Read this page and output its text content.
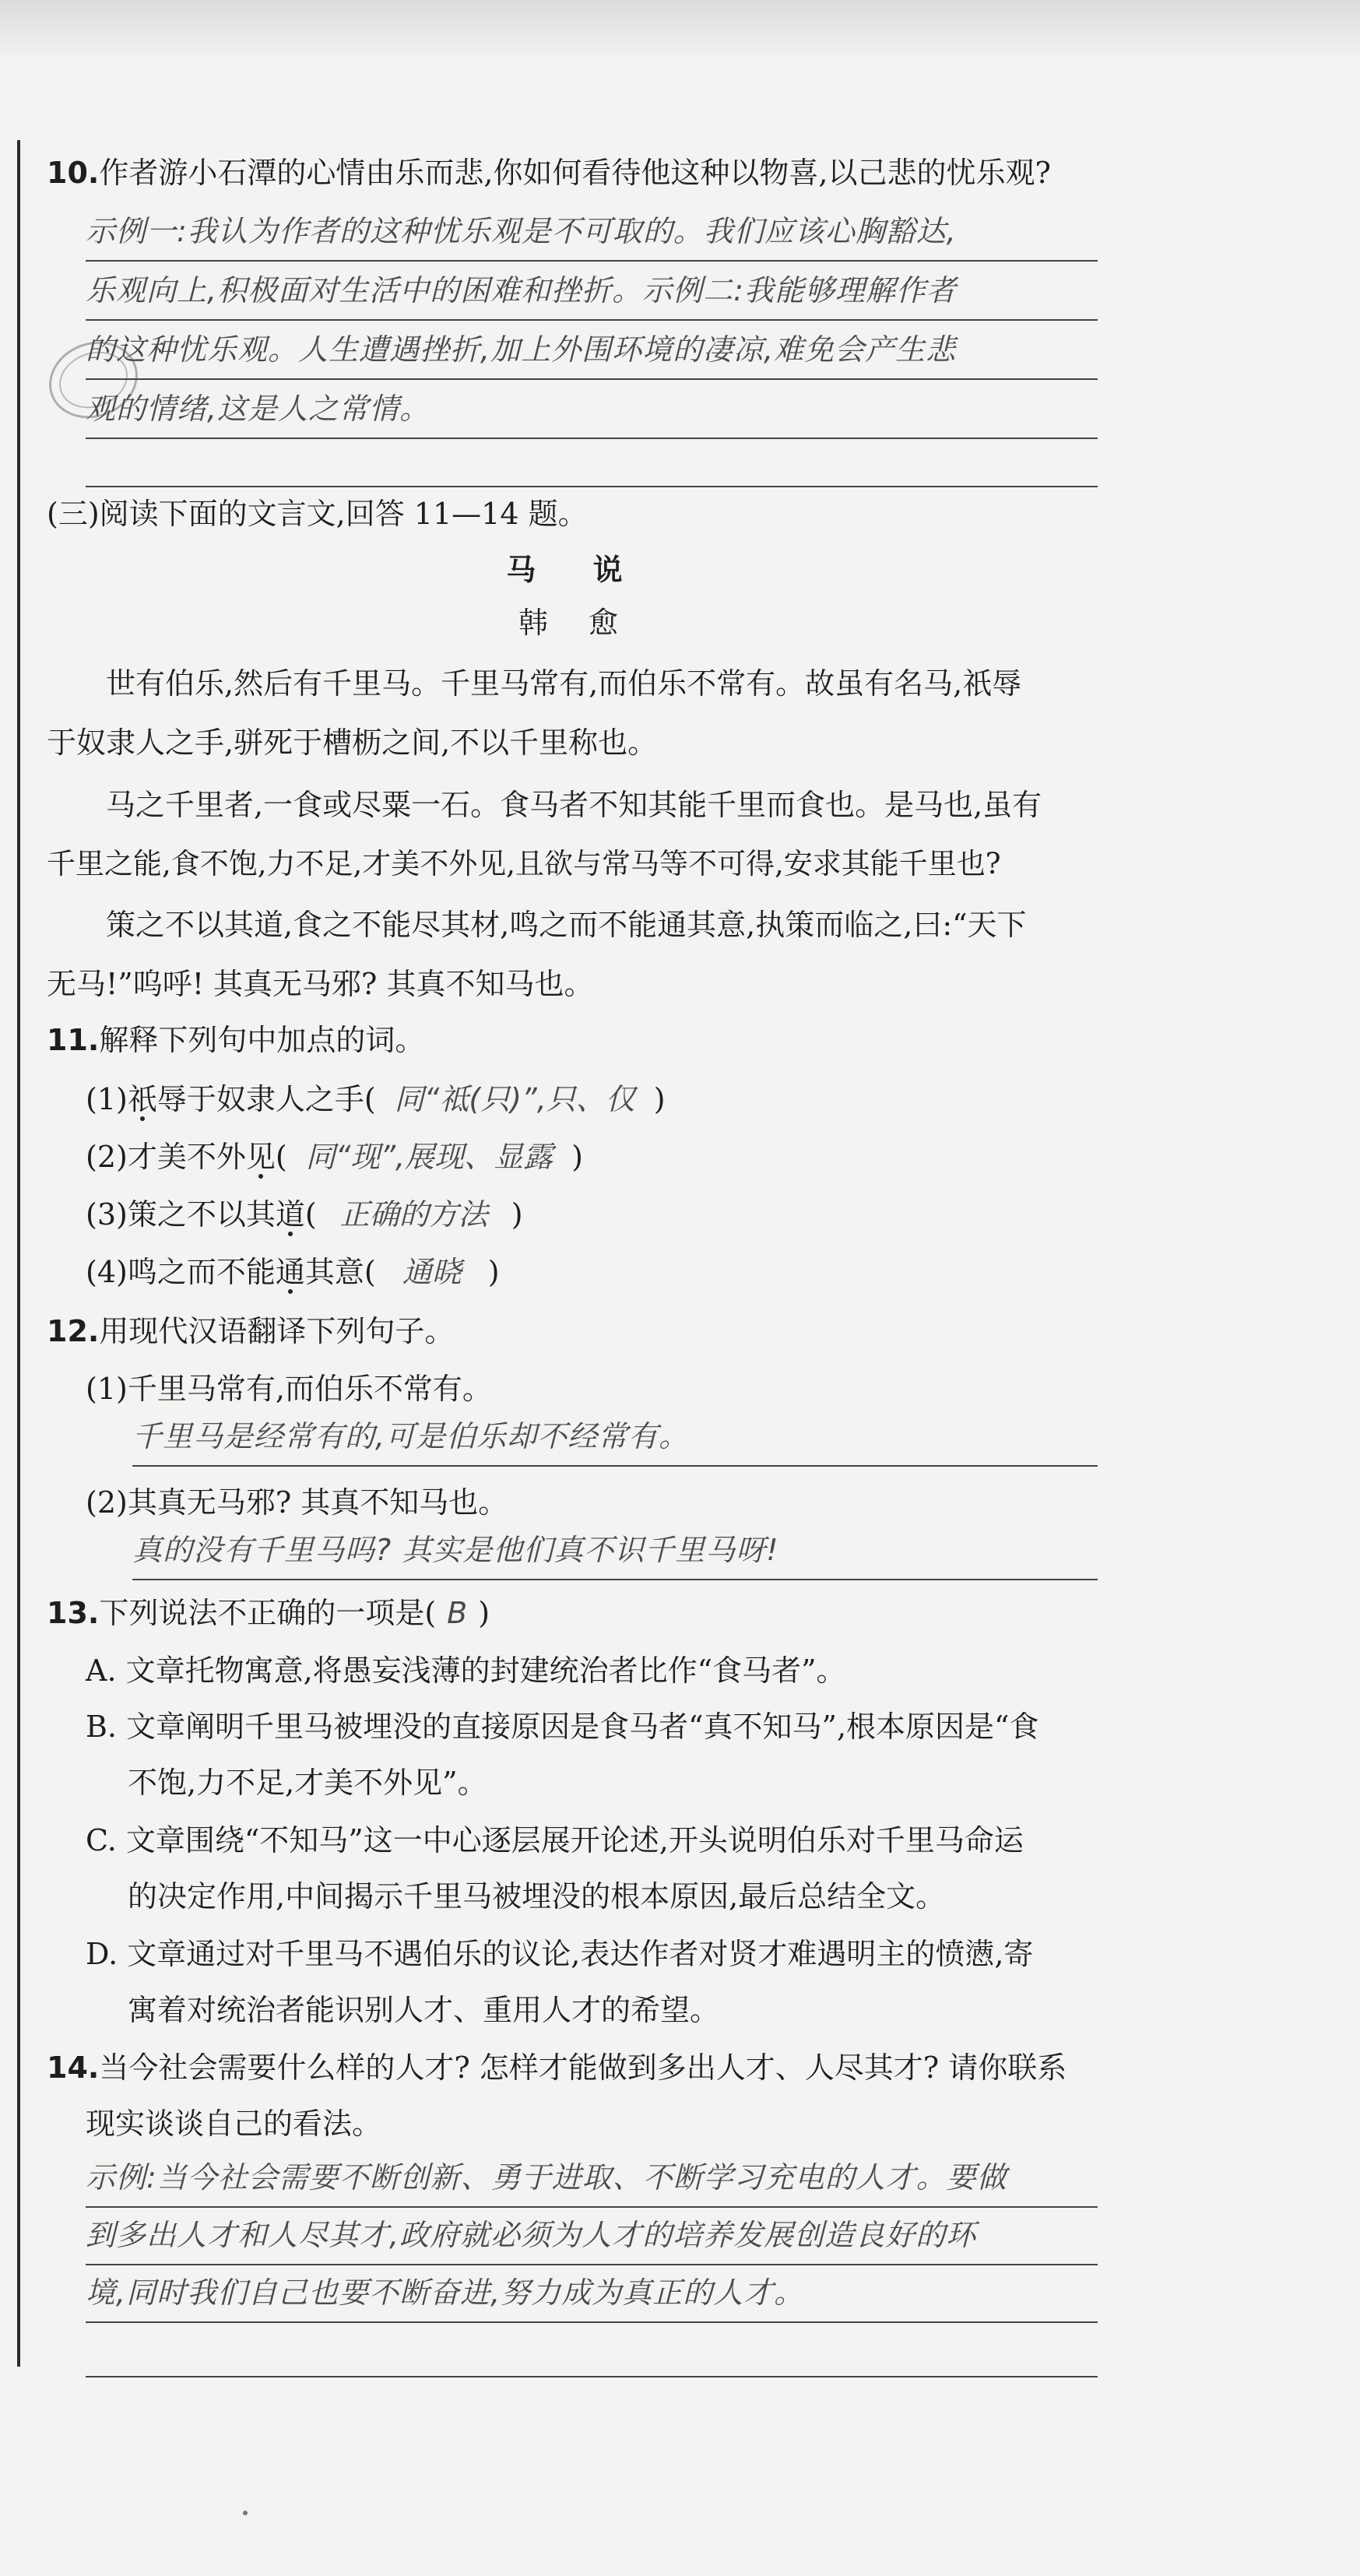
10.作者游小石潭的心情由乐而悲,你如何看待他这种以物喜,以己悲的忧乐观?
示例一:我认为作者的这种忧乐观是不可取的。我们应该心胸豁达,
乐观向上,积极面对生活中的困难和挫折。示例二:我能够理解作者
的这种忧乐观。人生遭遇挫折,加上外围环境的凄凉,难免会产生悲
观的情绪,这是人之常情。
(三)阅读下面的文言文,回答 11—14 题。
马 说
韩 愈
世有伯乐,然后有千里马。千里马常有,而伯乐不常有。故虽有名马,祇辱
于奴隶人之手,骈死于槽枥之间,不以千里称也。
马之千里者,一食或尽粟一石。食马者不知其能千里而食也。是马也,虽有
千里之能,食不饱,力不足,才美不外见,且欲与常马等不可得,安求其能千里也?
策之不以其道,食之不能尽其材,鸣之而不能通其意,执策而临之,曰:“天下
无马!”呜呼! 其真无马邪? 其真不知马也。
11.解释下列句中加点的词。
(1)祇辱于奴隶人之手( 同“祗(只)”,只、仅 )
(2)才美不外见( 同“现”,展现、显露 )
(3)策之不以其道( 正确的方法 )
(4)鸣之而不能通其意( 通晓 )
12.用现代汉语翻译下列句子。
(1)千里马常有,而伯乐不常有。
千里马是经常有的,可是伯乐却不经常有。
(2)其真无马邪? 其真不知马也。
真的没有千里马吗? 其实是他们真不识千里马呀!
13.下列说法不正确的一项是( B )
A. 文章托物寓意,将愚妄浅薄的封建统治者比作“食马者”。
B. 文章阐明千里马被埋没的直接原因是食马者“真不知马”,根本原因是“食
不饱,力不足,才美不外见”。
C. 文章围绕“不知马”这一中心逐层展开论述,开头说明伯乐对千里马命运
的决定作用,中间揭示千里马被埋没的根本原因,最后总结全文。
D. 文章通过对千里马不遇伯乐的议论,表达作者对贤才难遇明主的愤懑,寄
寓着对统治者能识别人才、重用人才的希望。
14.当今社会需要什么样的人才? 怎样才能做到多出人才、人尽其才? 请你联系
现实谈谈自己的看法。
示例:当今社会需要不断创新、勇于进取、不断学习充电的人才。要做
到多出人才和人尽其才,政府就必须为人才的培养发展创造良好的环
境,同时我们自己也要不断奋进,努力成为真正的人才。
